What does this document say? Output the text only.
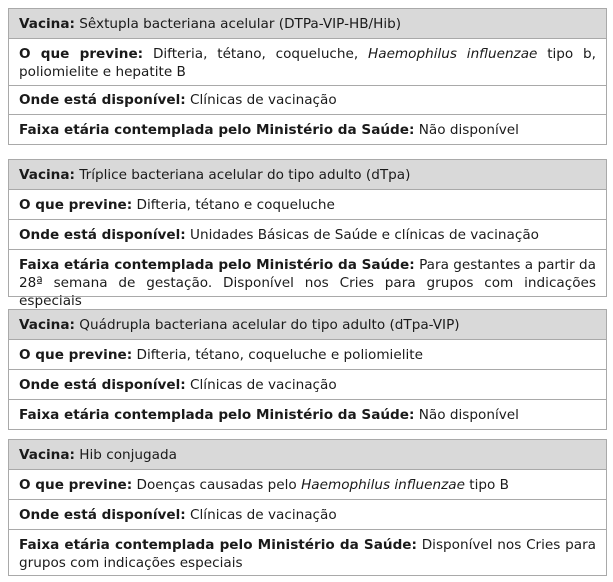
Vacina: Sêxtupla bacteriana acelular (DTPa-VIP-HB/Hib)
O que previne: Difteria, tétano, coqueluche, Haemophilus influenzae tipo b, poliomielite e hepatite B
Onde está disponível: Clínicas de vacinação
Faixa etária contemplada pelo Ministério da Saúde: Não disponível
Vacina: Tríplice bacteriana acelular do tipo adulto (dTpa)
O que previne: Difteria, tétano e coqueluche
Onde está disponível: Unidades Básicas de Saúde e clínicas de vacinação
Faixa etária contemplada pelo Ministério da Saúde: Para gestantes a partir da 28ª semana de gestação. Disponível nos Cries para grupos com indicações especiais
Vacina: Quádrupla bacteriana acelular do tipo adulto (dTpa-VIP)
O que previne: Difteria, tétano, coqueluche e poliomielite
Onde está disponível: Clínicas de vacinação
Faixa etária contemplada pelo Ministério da Saúde: Não disponível
Vacina: Hib conjugada
O que previne: Doenças causadas pelo Haemophilus influenzae tipo B
Onde está disponível: Clínicas de vacinação
Faixa etária contemplada pelo Ministério da Saúde: Disponível nos Cries para grupos com indicações especiais
